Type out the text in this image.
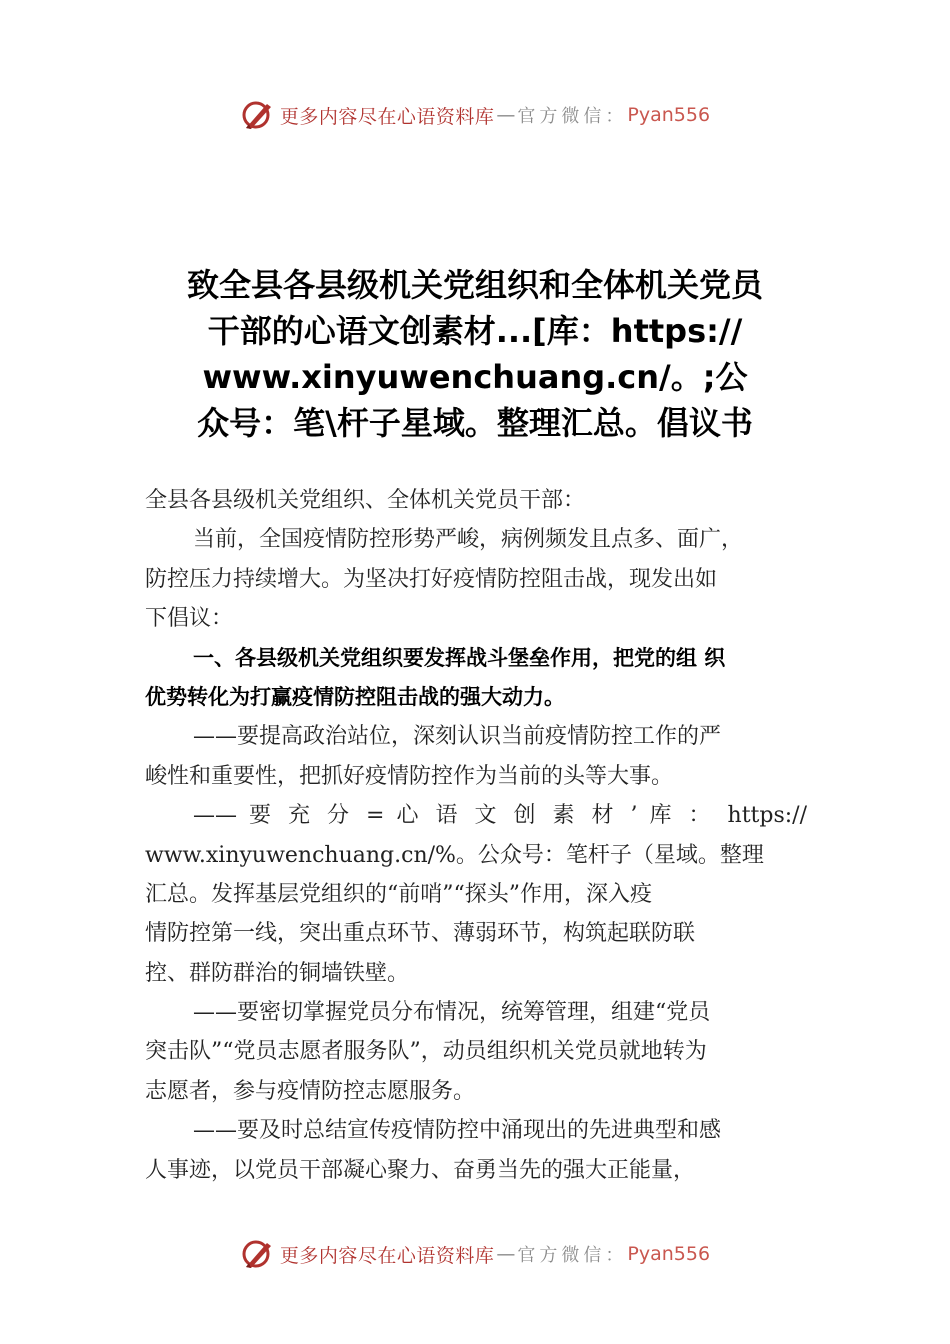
更多内容尽在心语资料库 — 官方微信： Pyan556
致全县各县级机关党组织和全体机关党员
干部的心语文创素材...[库：https://
www.xinyuwenchuang.cn/。;公
众号：笔\杆子星域。整理汇总。倡议书
全县各县级机关党组织、全体机关党员干部：
当前，全国疫情防控形势严峻，病例频发且点多、面广，
防控压力持续增大。为坚决打好疫情防控阻击战，现发出如
下倡议：
一、各县级机关党组织要发挥战斗堡垒作用，把党的组 织
优势转化为打赢疫情防控阻击战的强大动力。
——要提高政治站位，深刻认识当前疫情防控工作的严
峻性和重要性，把抓好疫情防控作为当前的头等大事。
—— 要 充 分 = 心 语 文 创 素 材 ’ 库 ： https://
www.xinyuwenchuang.cn/%。公众号：笔杆子（星域。整理
汇总。发挥基层党组织的“前哨”“探头”作用，深入疫
情防控第一线，突出重点环节、薄弱环节，构筑起联防联
控、群防群治的铜墙铁壁。
——要密切掌握党员分布情况，统筹管理，组建“党员
突击队”“党员志愿者服务队”，动员组织机关党员就地转为
志愿者，参与疫情防控志愿服务。
——要及时总结宣传疫情防控中涌现出的先进典型和感
人事迹，以党员干部凝心聚力、奋勇当先的强大正能量，
更多内容尽在心语资料库 — 官方微信： Pyan556
